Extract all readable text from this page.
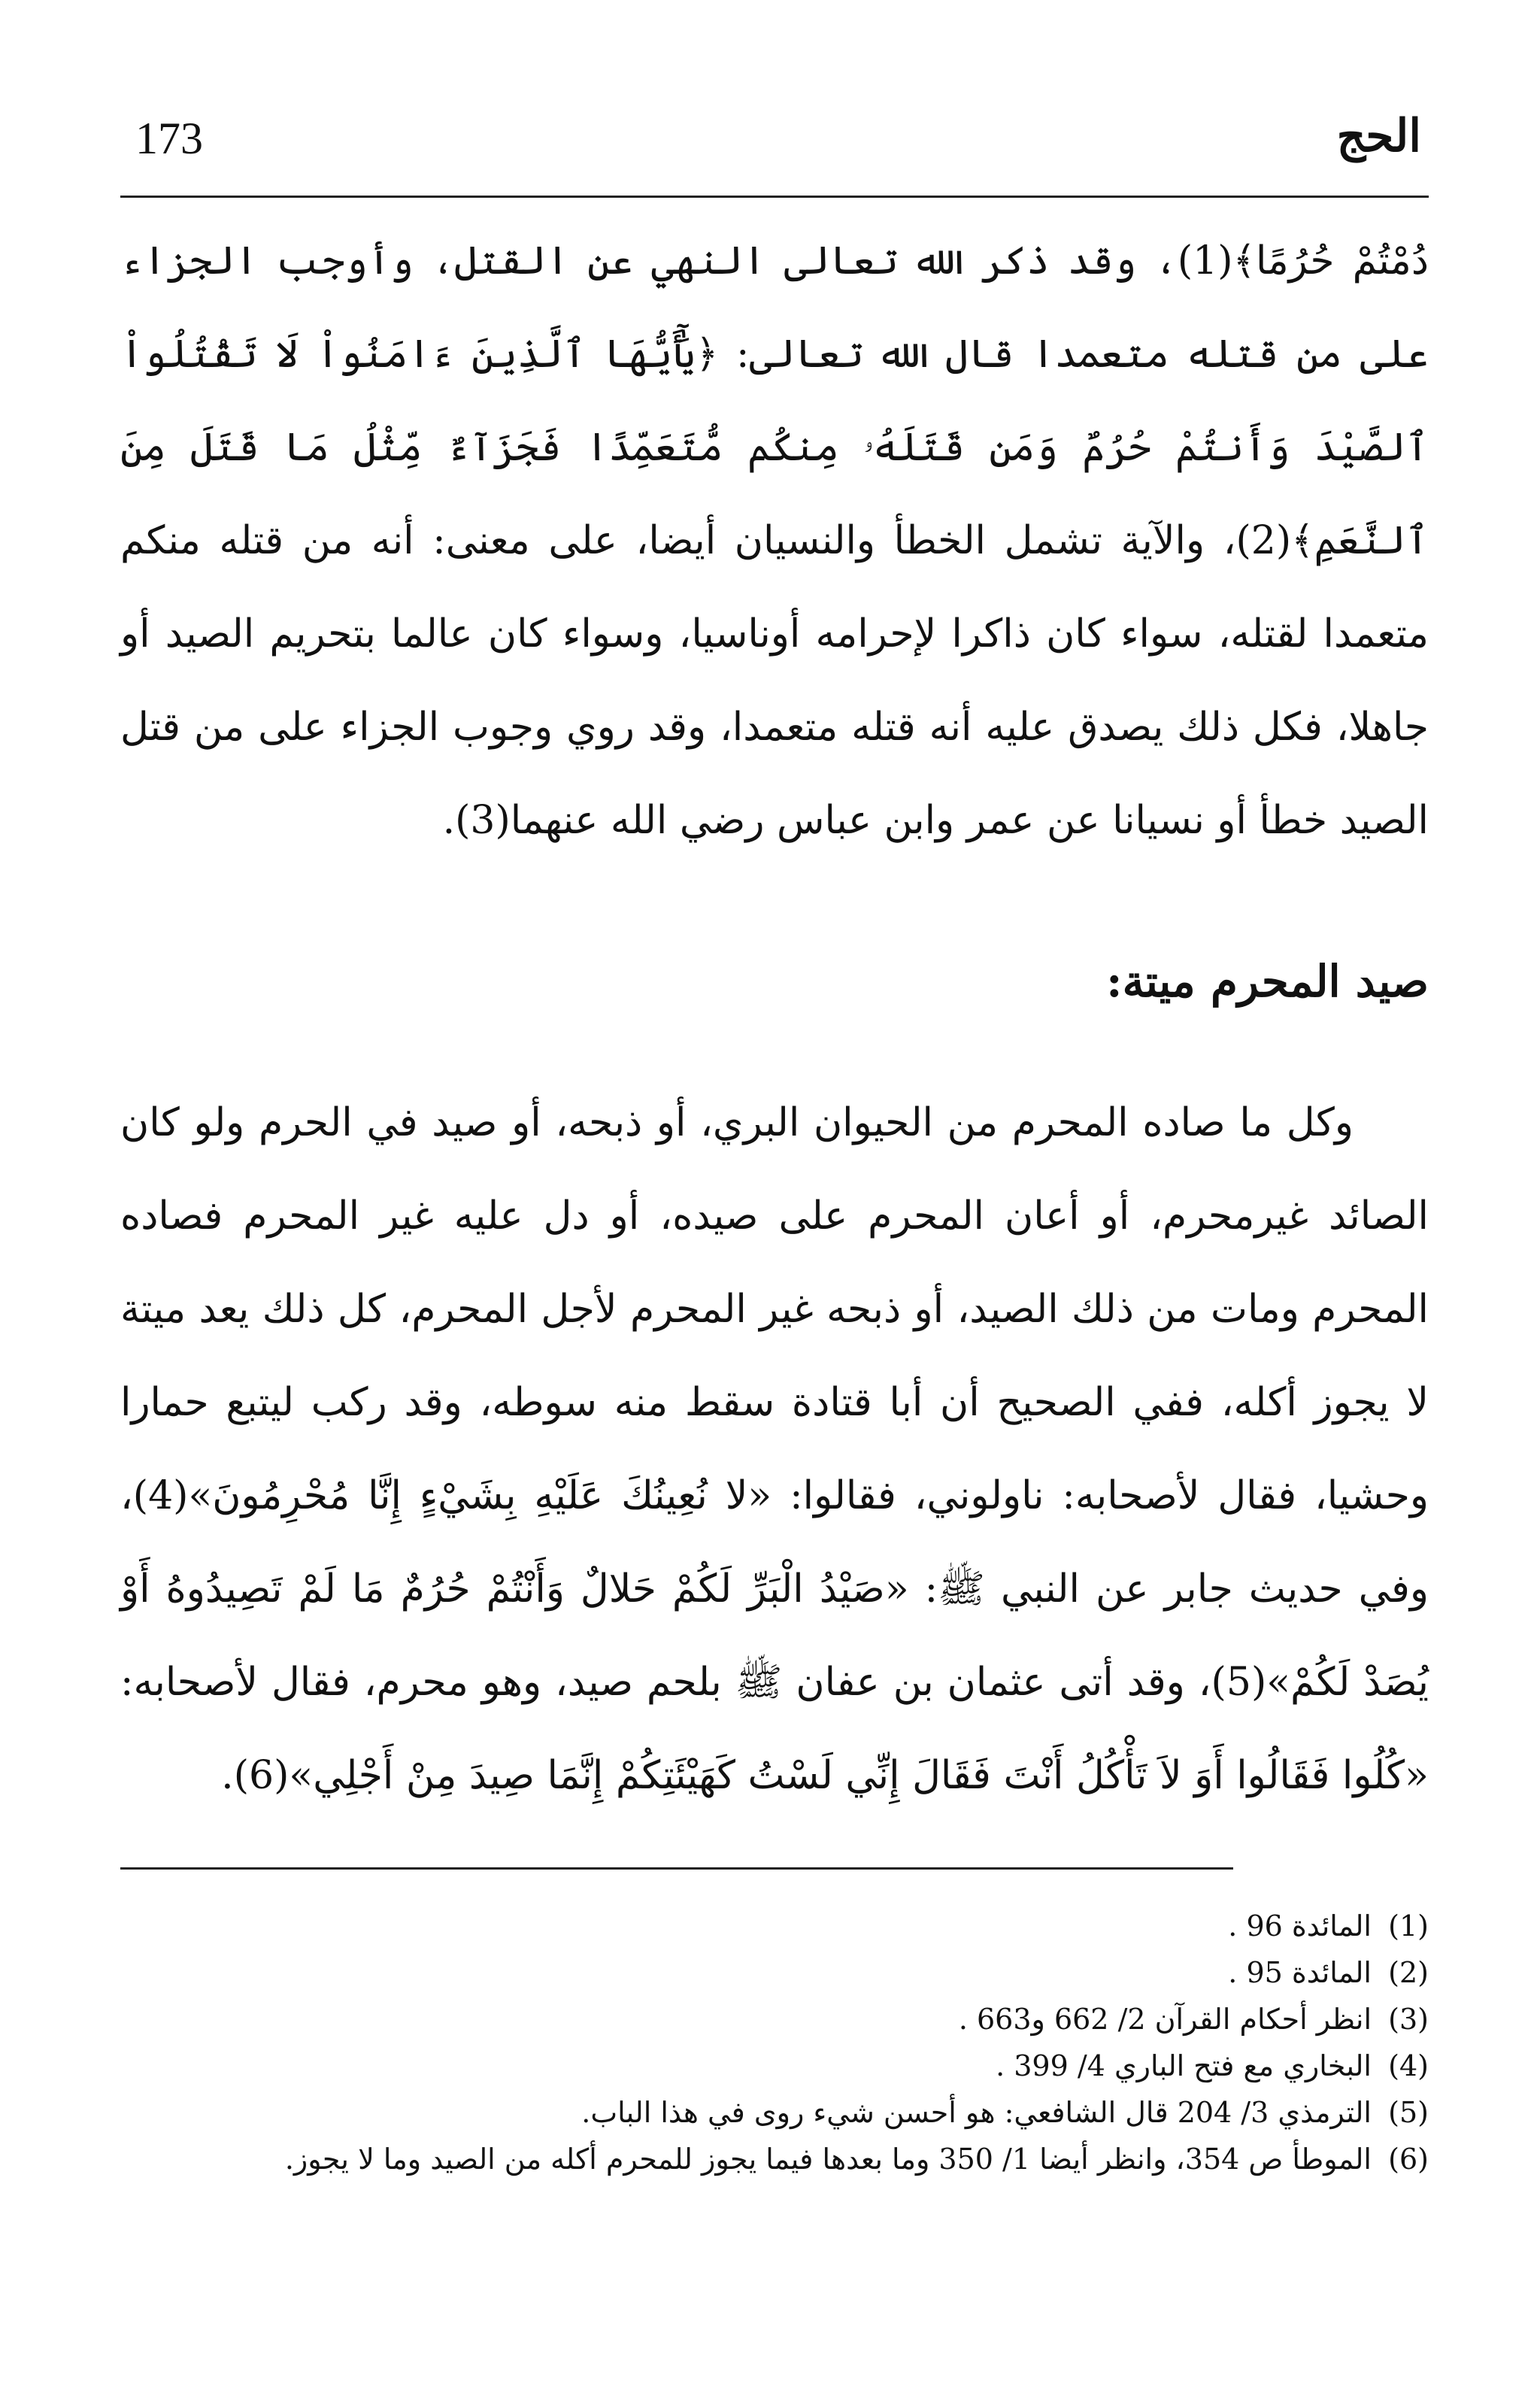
173	الحج

دُمْتُمْ حُرُمًا﴾(1)، وقد ذكر الله تعالى النهي عن القتل، وأوجب الجزاء على من قتله متعمدا قال الله تعالى: ﴿يَٰٓأَيُّهَا ٱلَّذِينَ ءَامَنُواْ لَا تَقْتُلُواْ ٱلصَّيْدَ وَأَنتُمْ حُرُمٌ وَمَن قَتَلَهُۥ مِنكُم مُّتَعَمِّدًا فَجَزَآءٌ مِّثْلُ مَا قَتَلَ مِنَ ٱلنَّعَمِ﴾(2)، والآية تشمل الخطأ والنسيان أيضا، على معنى: أنه من قتله منكم متعمدا لقتله، سواء كان ذاكرا لإحرامه أوناسيا، وسواء كان عالما بتحريم الصيد أو جاهلا، فكل ذلك يصدق عليه أنه قتله متعمدا، وقد روي وجوب الجزاء على من قتل الصيد خطأ أو نسيانا عن عمر وابن عباس رضي الله عنهما(3).

صيد المحرم ميتة:

وكل ما صاده المحرم من الحيوان البري، أو ذبحه، أو صيد في الحرم ولو كان الصائد غيرمحرم، أو أعان المحرم على صيده، أو دل عليه غير المحرم فصاده المحرم ومات من ذلك الصيد، أو ذبحه غير المحرم لأجل المحرم، كل ذلك يعد ميتة لا يجوز أكله، ففي الصحيح أن أبا قتادة سقط منه سوطه، وقد ركب ليتبع حمارا وحشيا، فقال لأصحابه: ناولوني، فقالوا: «لا نُعِينُكَ عَلَيْهِ بِشَيْءٍ إِنَّا مُحْرِمُونَ»(4)، وفي حديث جابر عن النبي ﷺ: «صَيْدُ الْبَرِّ لَكُمْ حَلالٌ وَأَنْتُمْ حُرُمٌ مَا لَمْ تَصِيدُوهُ أَوْ يُصَدْ لَكُمْ»(5)، وقد أتى عثمان بن عفان ﷺ بلحم صيد، وهو محرم، فقال لأصحابه: «كُلُوا فَقَالُوا أَوَ لاَ تَأْكُلُ أَنْتَ فَقَالَ إِنِّي لَسْتُ كَهَيْئَتِكُمْ إِنَّمَا صِيدَ مِنْ أَجْلِي»(6).

(1)
المائدة 96 .
(2)
المائدة 95 .
(3)
انظر أحكام القرآن 2/ 662 و663 .
(4)
البخاري مع فتح الباري 4/ 399 .
(5)
الترمذي 3/ 204 قال الشافعي: هو أحسن شيء روى في هذا الباب.
(6)
الموطأ ص 354، وانظر أيضا 1/ 350 وما بعدها فيما يجوز للمحرم أكله من الصيد وما لا يجوز.
